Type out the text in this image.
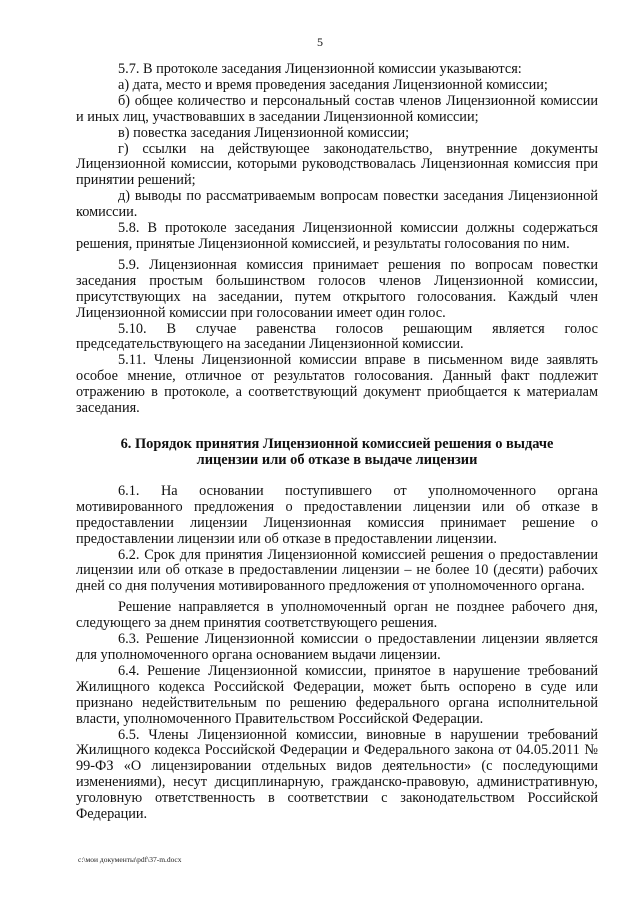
5

5.7. В протоколе заседания Лицензионной комиссии указываются:

а) дата, место и время проведения заседания Лицензионной комиссии;

б) общее количество и персональный состав членов Лицензионной комиссии и иных лиц, участвовавших в заседании Лицензионной комиссии;

в) повестка заседания Лицензионной комиссии;

г) ссылки на действующее законодательство, внутренние документы Лицензионной комиссии, которыми руководствовалась Лицензионная комиссия при принятии решений;

д) выводы по рассматриваемым вопросам повестки заседания Лицензионной комиссии.

5.8. В протоколе заседания Лицензионной комиссии должны содержаться решения, принятые Лицензионной комиссией, и результаты голосования по ним.

5.9. Лицензионная комиссия принимает решения по вопросам повестки заседания простым большинством голосов членов Лицензионной комиссии, присутствующих на заседании, путем открытого голосования. Каждый член Лицензионной комиссии при голосовании имеет один голос.

5.10. В случае равенства голосов решающим является голос председательствующего на заседании Лицензионной комиссии.

5.11. Члены Лицензионной комиссии вправе в письменном виде заявлять особое мнение, отличное от результатов голосования. Данный факт подлежит отражению в протоколе, а соответствующий документ приобщается к материалам заседания.

6. Порядок принятия Лицензионной комиссией решения о выдаче
лицензии или об отказе в выдаче лицензии

6.1. На основании поступившего от уполномоченного органа мотивированного предложения о предоставлении лицензии или об отказе в предоставлении лицензии Лицензионная комиссия принимает решение о предоставлении лицензии или об отказе в предоставлении лицензии.

6.2. Срок для принятия Лицензионной комиссией решения о предоставлении лицензии или об отказе в предоставлении лицензии – не более 10 (десяти) рабочих дней со дня получения мотивированного предложения от уполномоченного органа.

Решение направляется в уполномоченный орган не позднее рабочего дня, следующего за днем принятия соответствующего решения.

6.3. Решение Лицензионной комиссии о предоставлении лицензии является для уполномоченного органа основанием выдачи лицензии.

6.4. Решение Лицензионной комиссии, принятое в нарушение требований Жилищного кодекса Российской Федерации, может быть оспорено в суде или признано недействительным по решению федерального органа исполнительной власти, уполномоченного Правительством Российской Федерации.

6.5. Члены Лицензионной комиссии, виновные в нарушении требований Жилищного кодекса Российской Федерации и Федерального закона от 04.05.2011 № 99-ФЗ «О лицензировании отдельных видов деятельности» (с последующими изменениями), несут дисциплинарную, гражданско-правовую, административную, уголовную ответственность в соответствии с законодательством Российской Федерации.

c:\мои документы\pdf\37-m.docx
